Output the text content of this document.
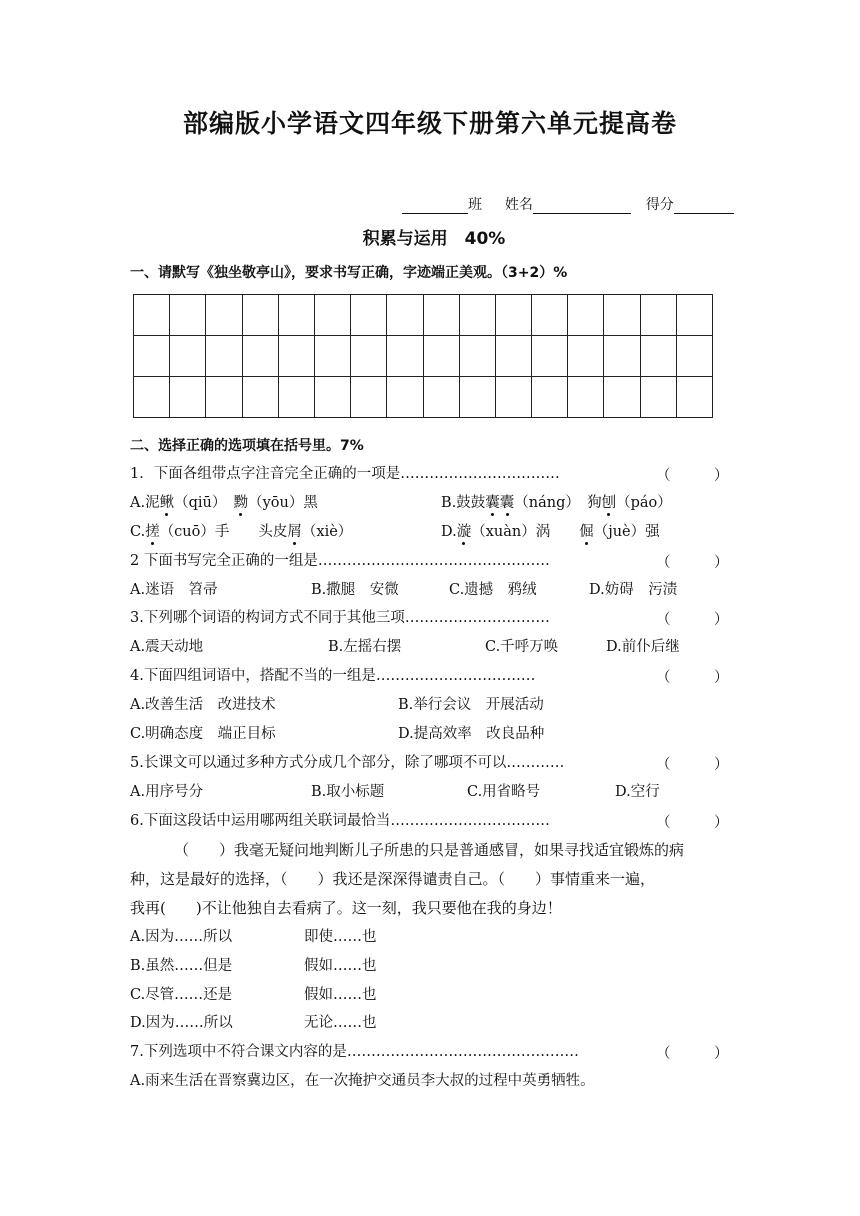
部编版小学语文四年级下册第六单元提高卷
班 姓名	得分
积累与运用　40%
一、请默写《独坐敬亭山》，要求书写正确，字迹端正美观。（3+2）%

二、选择正确的选项填在括号里。7%
1．下面各组带点字注音完全正确的一项是……………………………	（　　　）
A.泥鳅（qiū）　黝（yōu）黑	B.鼓鼓囊囊（náng）　狗刨（páo）
C.搓（cuō）手　　头皮屑（xiè）	D.漩（xuàn）涡　　倔（juè）强
2 下面书写完全正确的一组是…………………………………………	（　　　）
A.迷语　笤帚	B.撒腿　安微	C.遗撼　鸦绒	D.妨碍　污渍
3.下列哪个词语的构词方式不同于其他三项…………………………	（　　　）
A.震天动地	B.左摇右摆	C.千呼万唤	D.前仆后继
4.下面四组词语中，搭配不当的一组是……………………………	（　　　）
A.改善生活　改进技术	B.举行会议　开展活动
C.明确态度　端正目标	D.提高效率　改良品种
5.长课文可以通过多种方式分成几个部分，除了哪项不可以…………	（　　　）
A.用序号分	B.取小标题	C.用省略号	D.空行
6.下面这段话中运用哪两组关联词最恰当……………………………	（　　　）
（　　）我毫无疑问地判断儿子所患的只是普通感冒，如果寻找适宜锻炼的病
种，这是最好的选择，（　　）我还是深深得谴责自己。（　　）事情重来一遍，
我再(　　)不让他独自去看病了。这一刻，我只要他在我的身边！
A.因为……所以	即使……也
B.虽然……但是	假如……也
C.尽管……还是	假如……也
D.因为……所以	无论……也
7.下列选项中不符合课文内容的是…………………………………………	（　　　）
A.雨来生活在晋察冀边区，在一次掩护交通员李大叔的过程中英勇牺牲。
